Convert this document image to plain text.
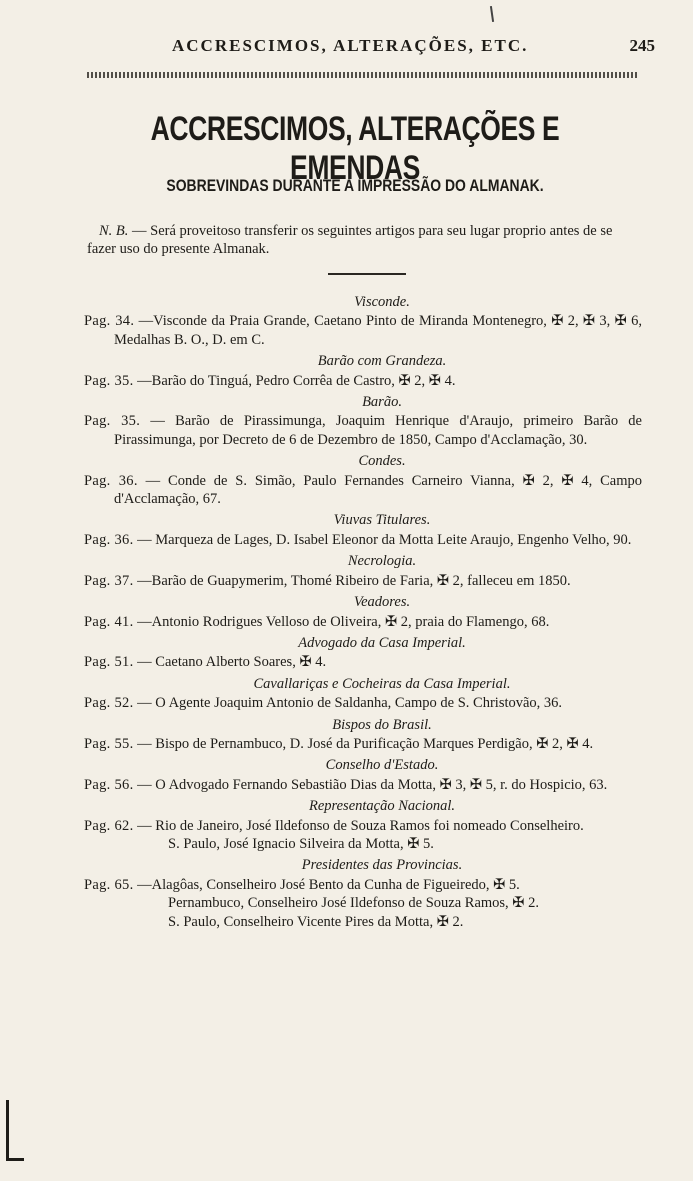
ACCRESCIMOS, ALTERAÇÕES, ETC.	245
ACCRESCIMOS, ALTERAÇÕES E EMENDAS
SOBREVINDAS DURANTE A IMPRESSÃO DO ALMANAK.
N. B. — Será proveitoso transferir os seguintes artigos para seu lugar proprio antes de se fazer uso do presente Almanak.
Visconde.
Pag. 34. —Visconde da Praia Grande, Caetano Pinto de Miranda Montenegro, ✠ 2, ✠ 3, ✠ 6, Medalhas B. O., D. em C.
Barão com Grandeza.
Pag. 35. —Barão do Tinguá, Pedro Corrêa de Castro, ✠ 2, ✠ 4.
Barão.
Pag. 35. — Barão de Pirassimunga, Joaquim Henrique d'Araujo, primeiro Barão de Pirassimunga, por Decreto de 6 de Dezembro de 1850, Campo d'Acclamação, 30.
Condes.
Pag. 36. — Conde de S. Simão, Paulo Fernandes Carneiro Vianna, ✠ 2, ✠ 4, Campo d'Acclamação, 67.
Viuvas Titulares.
Pag. 36. — Marqueza de Lages, D. Isabel Eleonor da Motta Leite Araujo, Engenho Velho, 90.
Necrologia.
Pag. 37. —Barão de Guapymerim, Thomé Ribeiro de Faria, ✠ 2, falleceu em 1850.
Veadores.
Pag. 41. —Antonio Rodrigues Velloso de Oliveira, ✠ 2, praia do Flamengo, 68.
Advogado da Casa Imperial.
Pag. 51. — Caetano Alberto Soares, ✠ 4.
Cavallariças e Cocheiras da Casa Imperial.
Pag. 52. — O Agente Joaquim Antonio de Saldanha, Campo de S. Christovão, 36.
Bispos do Brasil.
Pag. 55. — Bispo de Pernambuco, D. José da Purificação Marques Perdigão, ✠ 2, ✠ 4.
Conselho d'Estado.
Pag. 56. — O Advogado Fernando Sebastião Dias da Motta, ✠ 3, ✠ 5, r. do Hospicio, 63.
Representação Nacional.
Pag. 62. — Rio de Janeiro, José Ildefonso de Souza Ramos foi nomeado Conselheiro.
S. Paulo, José Ignacio Silveira da Motta, ✠ 5.
Presidentes das Provincias.
Pag. 65. —Alagôas, Conselheiro José Bento da Cunha de Figueiredo, ✠ 5.
Pernambuco, Conselheiro José Ildefonso de Souza Ramos, ✠ 2.
S. Paulo, Conselheiro Vicente Pires da Motta, ✠ 2.
